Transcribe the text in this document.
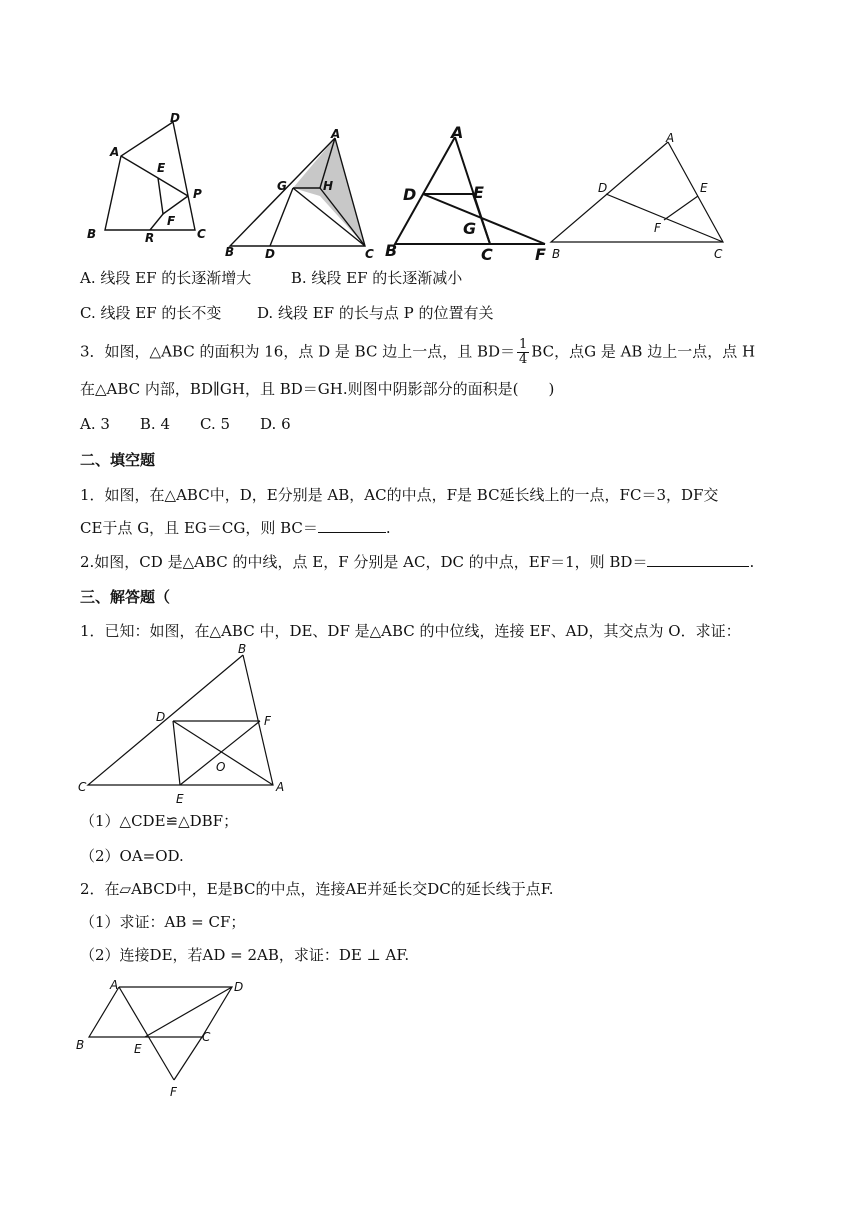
D
A
E
P
F
B	R	C
A
G	H
B	D	C
A
D	E
G
B	C	F
A
D	E
F
B	C
A. 线段 EF 的长逐渐增大	B. 线段 EF 的长逐渐减小
C. 线段 EF 的长不变 D. 线段 EF 的长与点 P 的位置有关
3．如图，△ABC 的面积为 16，点 D 是 BC 边上一点，且 $BD= \frac{1}{4}$ BC，点G 是 AB 边上一点，点 H
在△ABC 内部，BD∥GH，且 BD＝GH.则图中阴影部分的面积是(　　)
A. 3　　B. 4　　C. 5　　D. 6
二、填空题
1．如图，在△ABC中，D，E分别是 AB，AC的中点，F是 BC延长线上的一点，FC＝3，DF交
CE于点 G，且 EG＝CG，则 BC＝	.
2.如图，CD 是△ABC 的中线，点 E，F 分别是 AC，DC 的中点，EF＝1，则 BD＝	.
三、解答题（
1．已知：如图，在△ABC 中，DE、DF 是△ABC 的中位线，连接 EF、AD，其交点为 O．求证：
B
D	F
O
C
E
A
（1）△CDE≌△DBF；
（2）OA=OD.
2．在▱ABCD中，E是BC的中点，连接AE并延长交DC的延长线于点F.
（1）求证：AB = CF；
（2）连接DE，若AD = 2AB，求证：DE ⊥ AF.
A	D
B	E
C
F
